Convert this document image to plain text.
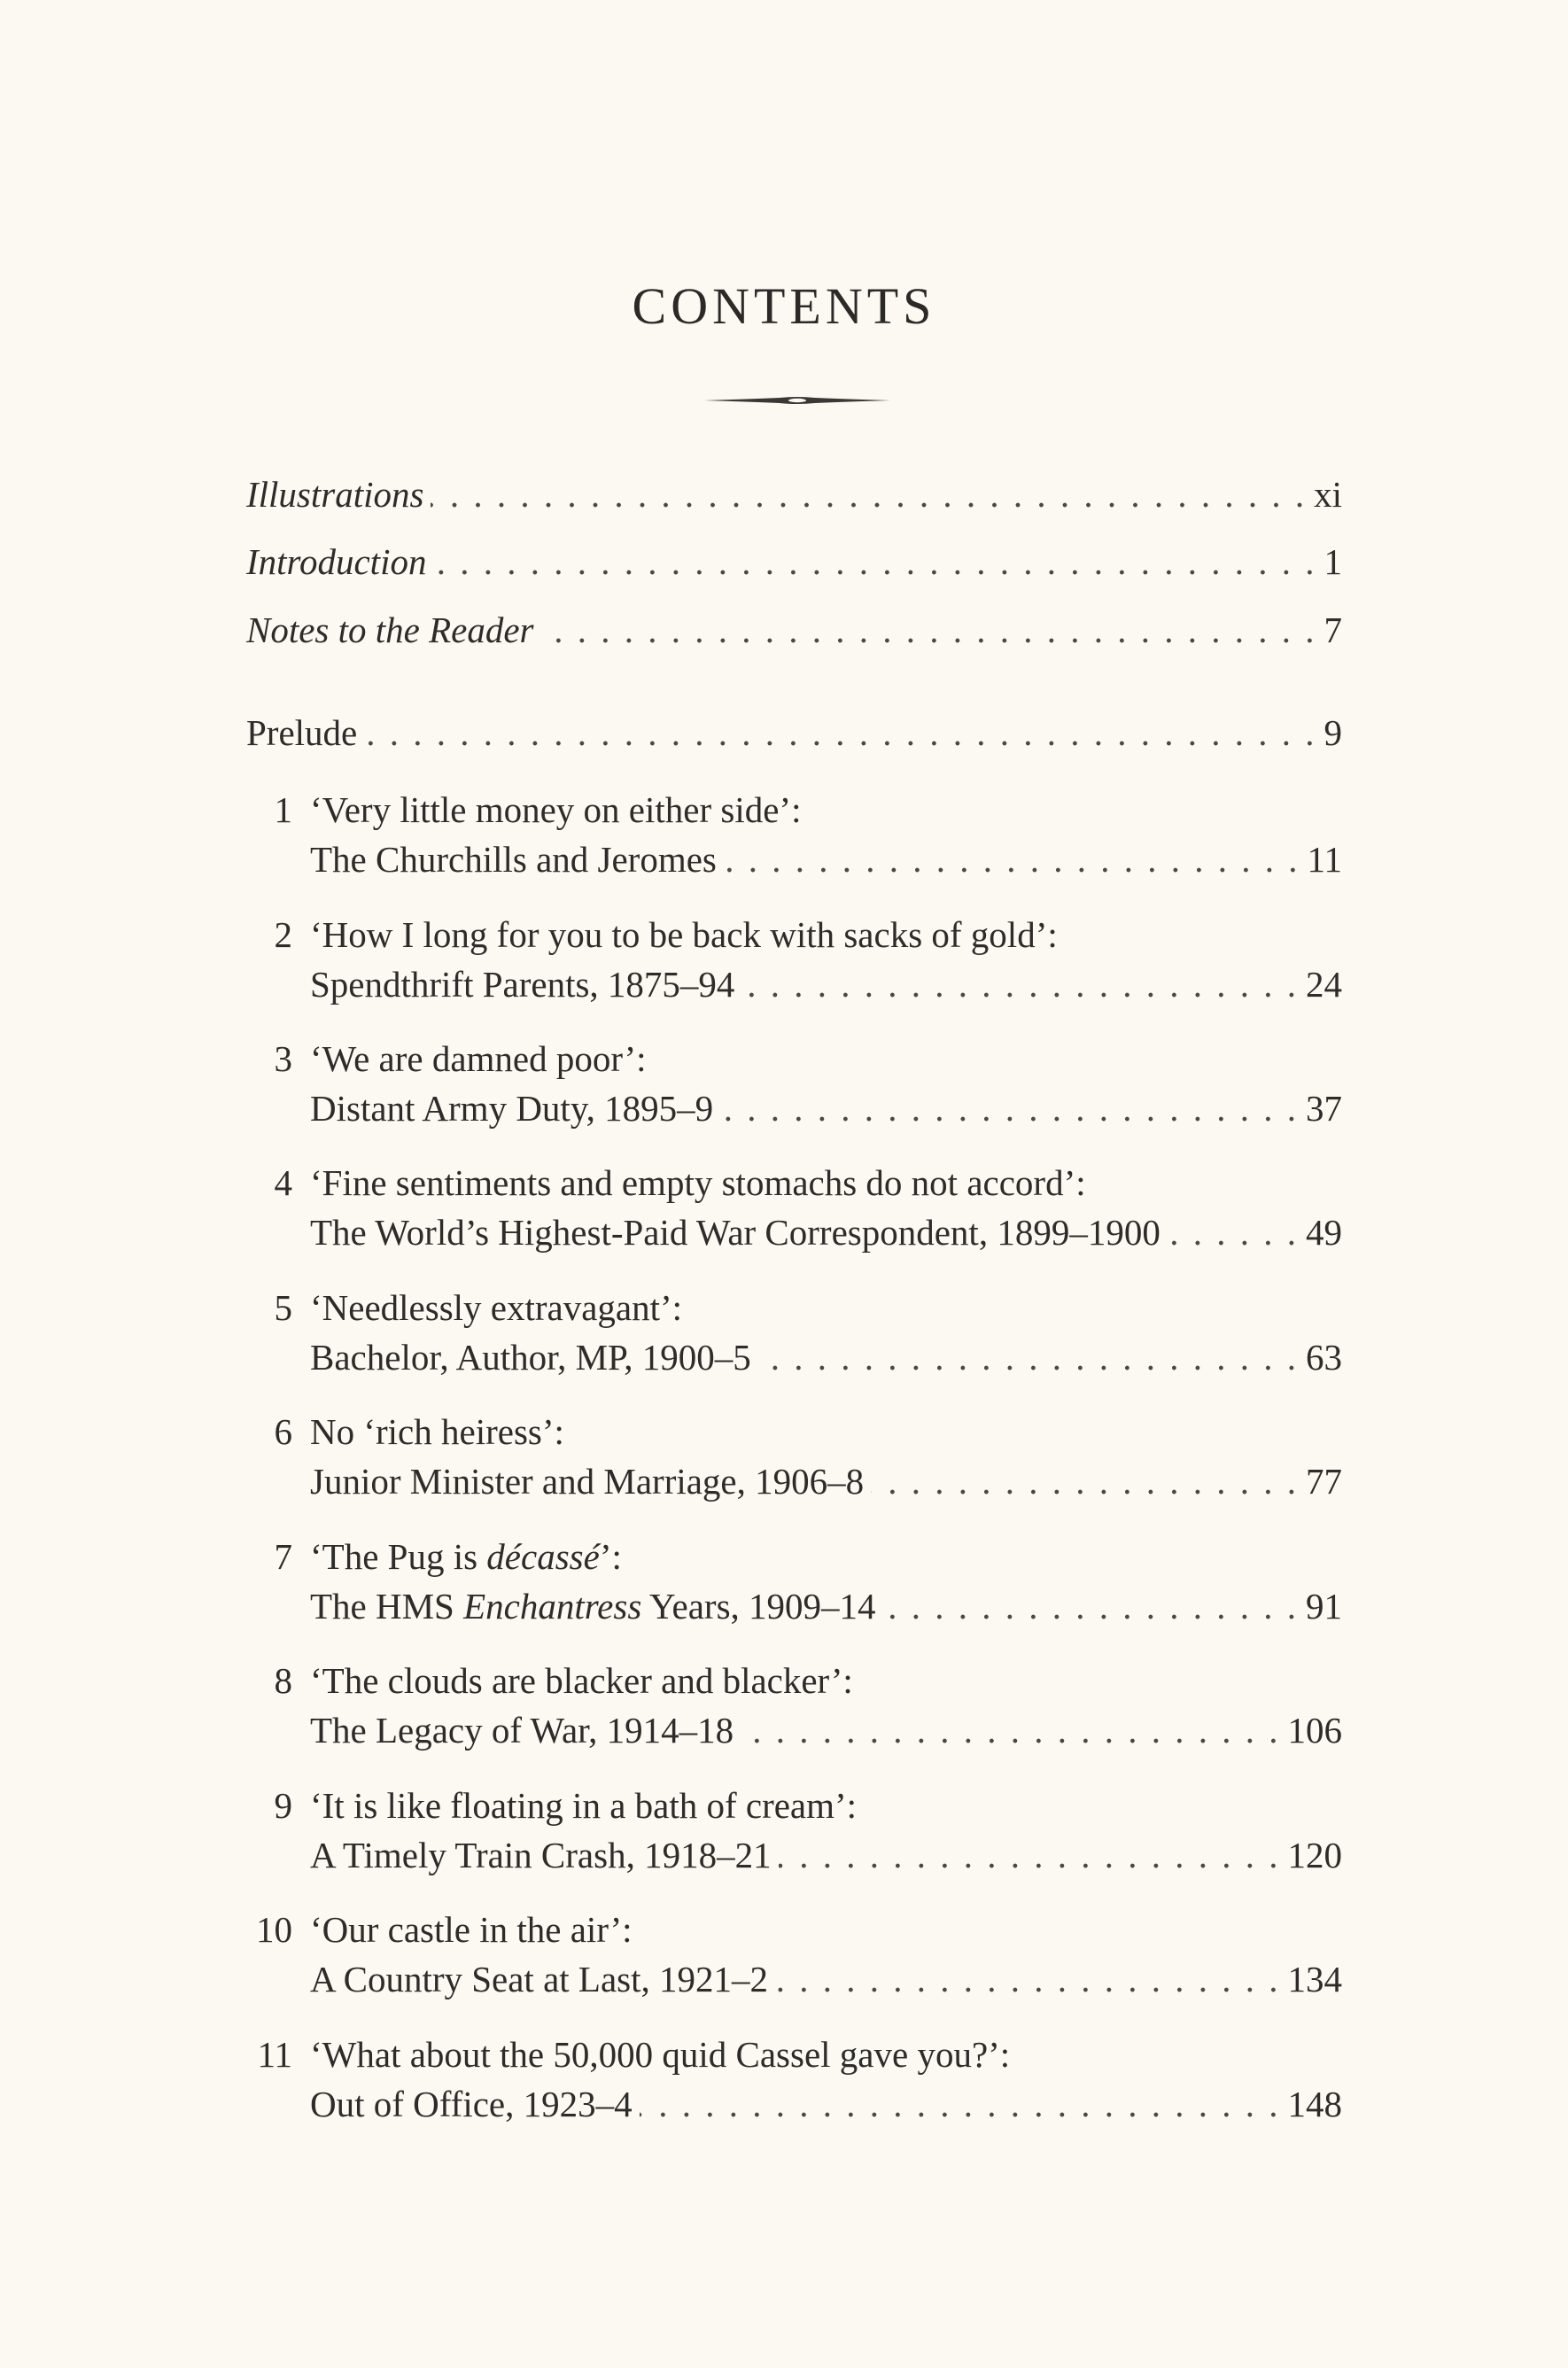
CONTENTS
Illustrations . . .	xi
Introduction . . .	1
Notes to the Reader . . .	7
Prelude . . .	9
1 ‘Very little money on either side’:
The Churchills and Jeromes . . .	11
2 ‘How I long for you to be back with sacks of gold’:
Spendthrift Parents, 1875–94 . . .	24
3 ‘We are damned poor’:
Distant Army Duty, 1895–9 . . .	37
4 ‘Fine sentiments and empty stomachs do not accord’:
The World’s Highest-Paid War Correspondent, 1899–1900 . . .	49
5 ‘Needlessly extravagant’:
Bachelor, Author, MP, 1900–5 . . .	63
6 No ‘rich heiress’:
Junior Minister and Marriage, 1906–8 . . .	77
7 ‘The Pug is décassé’:
The HMS Enchantress Years, 1909–14 . . .	91
8 ‘The clouds are blacker and blacker’:
The Legacy of War, 1914–18 . . .	106
9 ‘It is like floating in a bath of cream’:
A Timely Train Crash, 1918–21 . . .	120
10 ‘Our castle in the air’:
A Country Seat at Last, 1921–2 . . .	134
11 ‘What about the 50,000 quid Cassel gave you?’:
Out of Office, 1923–4 . . .	148
